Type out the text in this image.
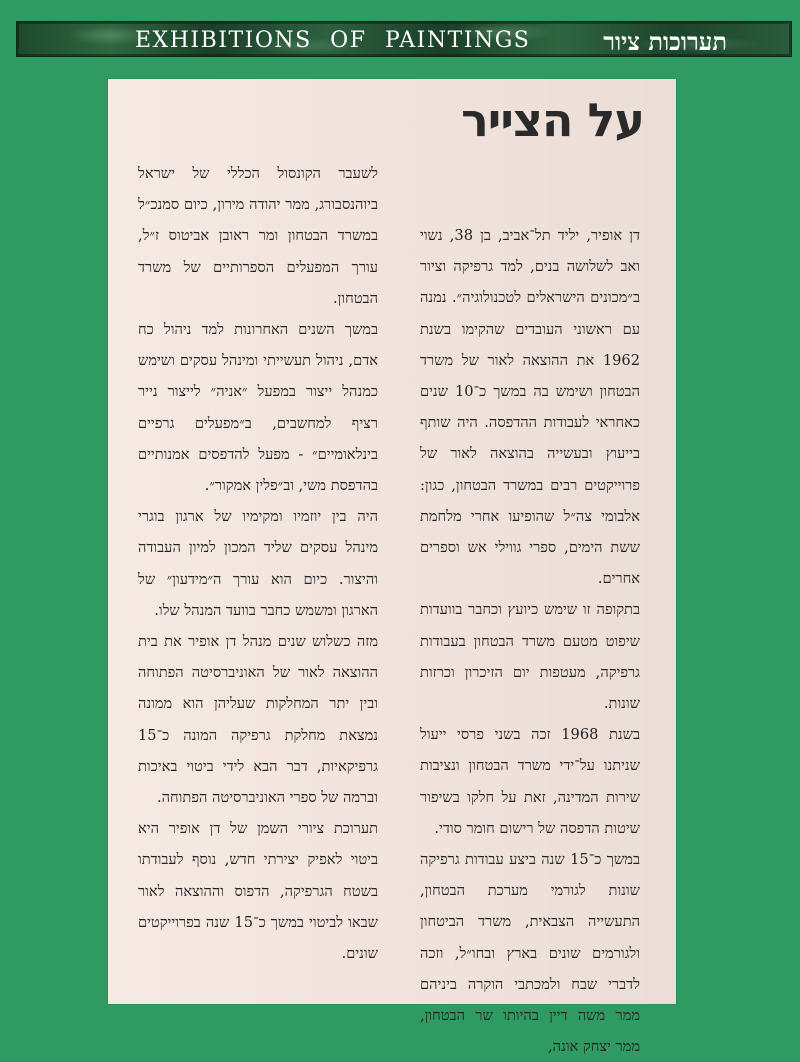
EXHIBITIONS OF PAINTINGS	תערוכות ציור
על הצייר

דן אופיר, יליד תל־אביב, בן 38, נשוי ואב לשלושה בנים, למד גרפיקה וציור ב״מכונים הישראלים לטכנולוגיה״. נמנה עם ראשוני העובדים שהקימו בשנת 1962 את ההוצאה לאור של משרד הבטחון ושימש בה במשך כ־10 שנים כאחראי לעבודות ההדפסה. היה שותף בייעוץ ובעשייה בהוצאה לאור של פרוייקטים רבים במשרד הבטחון, כגון: אלבומי צה״ל שהופיעו אחרי מלחמת ששת הימים, ספרי גווילי אש וספרים אחרים.

בתקופה זו שימש כיועץ וכחבר בוועדות שיפוט מטעם משרד הבטחון בעבודות גרפיקה, מעטפות יום הזיכרון וכרזות שונות.

בשנת 1968 זכה בשני פרסי ייעול שניתנו על־ידי משרד הבטחון ונציבות שירות המדינה, זאת על חלקו בשיפור שיטות הדפסה של רישום חומר סודי.

במשך כ־15 שנה ביצע עבודות גרפיקה שונות לגורמי מערכת הבטחון, התעשייה הצבאית, משרד הביטחון ולגורמים שונים בארץ ובחו״ל, וזכה לדברי שבח ולמכתבי הוקרה ביניהם ממר משה דיין בהיותו שר הבטחון, ממר יצחק אונה,

לשעבר הקונסול הכללי של ישראל ביוהנסבורג, ממר יהודה מירון, כיום סמנכ״ל במשרד הבטחון ומר ראובן אביטוס ז״ל, עורך המפעלים הספרותיים של משרד הבטחון.

במשך השנים האחרונות למד ניהול כח אדם, ניהול תעשייתי ומינהל עסקים ושימש כמנהל ייצור במפעל ״אניה״ לייצור נייר רציף למחשבים, ב״מפעלים גרפיים בינלאומיים״ - מפעל להדפסים אמנותיים בהדפסת משי, וב״פלין אמקור״.

היה בין יוזמיו ומקימיו של ארגון בוגרי מינהל עסקים שליד המכון למיון העבודה והיצור. כיום הוא עורך ה״מידעון״ של הארגון ומשמש כחבר בוועד המנהל שלו.

מזה כשלוש שנים מנהל דן אופיר את בית ההוצאה לאור של האוניברסיטה הפתוחה ובין יתר המחלקות שעליהן הוא ממונה נמצאת מחלקת גרפיקה המונה כ־15 גרפיקאיות, דבר הבא לידי ביטוי באיכות וברמה של ספרי האוניברסיטה הפתוחה.

תערוכת ציורי השמן של דן אופיר היא ביטוי לאפיק יצירתי חדש, נוסף לעבודתו בשטח הגרפיקה, הדפוס וההוצאה לאור שבאו לביטוי במשך כ־15 שנה בפרוייקטים שונים.
